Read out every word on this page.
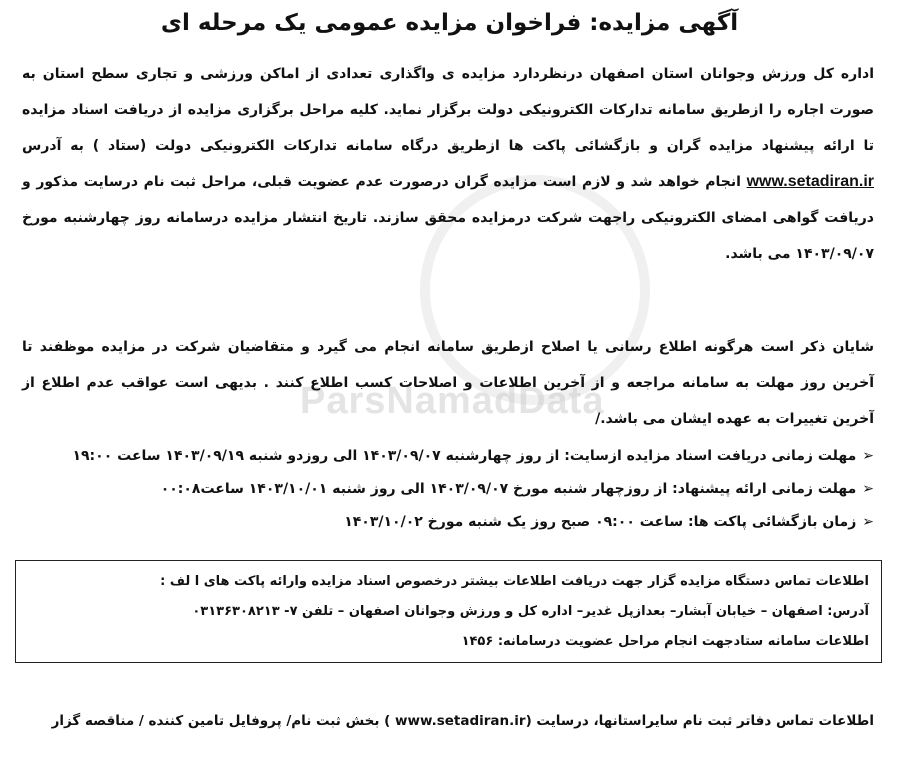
ParsNamadData
آگهی مزایده: فراخوان مزایده عمومی یک مرحله ای
اداره کل ورزش وجوانان استان اصفهان درنظردارد مزایده ی واگذاری تعدادی از اماکن ورزشی و تجاری سطح استان به صورت اجاره را ازطریق سامانه تدارکات الکترونیکی دولت برگزار نماید. کلیه مراحل برگزاری مزایده از دریافت اسناد مزایده تا ارائه پیشنهاد مزایده گران و بازگشائی پاکت ها ازطریق درگاه سامانه تدارکات الکترونیکی دولت (ستاد ) به آدرس www.setadiran.ir انجام خواهد شد و لازم است مزایده گران درصورت عدم عضویت قبلی، مراحل ثبت نام درسایت مذکور و دریافت گواهی امضای الکترونیکی راجهت شرکت درمزایده محقق سازند. تاریخ انتشار مزایده درسامانه روز چهارشنبه مورخ ۱۴۰۳/۰۹/۰۷ می باشد.
شایان ذکر است هرگونه اطلاع رسانی یا اصلاح ازطریق سامانه انجام می گیرد و متقاضیان شرکت در مزایده موظفند تا آخرین روز مهلت به سامانه مراجعه و از آخرین اطلاعات و اصلاحات کسب اطلاع کنند . بدیهی است عواقب عدم اطلاع از آخرین تغییرات به عهده ایشان می باشد./
➢مهلت زمانی دریافت اسناد مزایده ازسایت: از روز چهارشنبه ۱۴۰۳/۰۹/۰۷ الی روزدو شنبه ۱۴۰۳/۰۹/۱۹ ساعت ۱۹:۰۰
➢مهلت زمانی ارائه پیشنهاد: از روزچهار شنبه مورخ ۱۴۰۳/۰۹/۰۷ الی روز شنبه ۱۴۰۳/۱۰/۰۱ ساعت۰۰:۰۸
➢زمان بازگشائی پاکت ها: ساعت ۰۹:۰۰ صبح روز یک شنبه مورخ ۱۴۰۳/۱۰/۰۲
اطلاعات تماس دستگاه مزایده گزار جهت دریافت اطلاعات بیشتر درخصوص اسناد مزایده وارائه پاکت های ا لف :
آدرس: اصفهان – خیابان آبشار– بعدازپل غدیر– اداره کل و ورزش وجوانان اصفهان – تلفن ۷- ۰۳۱۳۶۳۰۸۲۱۳
اطلاعات سامانه ستادجهت انجام مراحل عضویت درسامانه: ۱۴۵۶
اطلاعات تماس دفاتر ثبت نام سایراستانها، درسایت (www.setadiran.ir ) بخش ثبت نام/ پروفایل تامین کننده / مناقصه گزار
